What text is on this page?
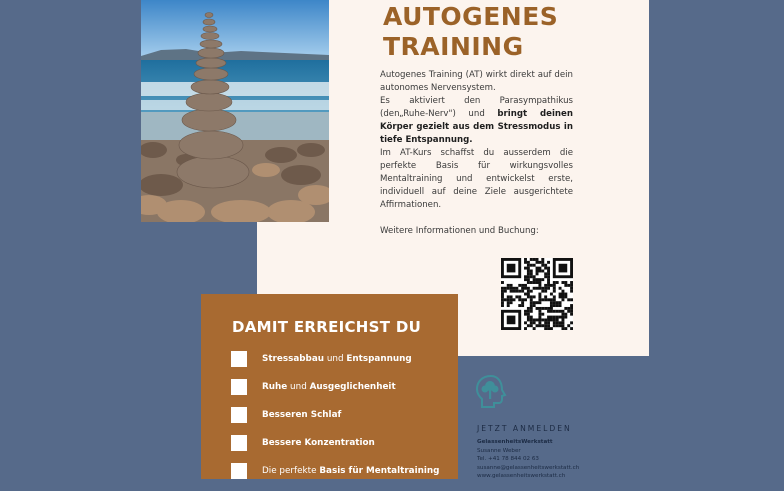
AUTOGENES
TRAINING

Autogenes Training (AT) wirkt direkt auf dein autonomes Nervensystem.

Es aktiviert den Parasympathikus (den„Ruhe-Nerv") und bringt deinen Körper gezielt aus dem Stressmodus in tiefe Entspannung.

Im AT-Kurs schaffst du ausserdem die perfekte Basis für wirkungsvolles Mentaltraining und entwickelst erste, individuell auf deine Ziele ausgerichtete Affirmationen.

Weitere Informationen und Buchung:
DAMIT ERREICHST DU
Stressabbau und Entspannung
Ruhe und Ausgeglichenheit
Besseren Schlaf
Bessere Konzentration
Die perfekte Basis für Mentaltraining
JETZT ANMELDEN
GelassenheitsWerkstatt
Susanne Weber
Tel. +41 78 844 02 63
susanne@gelassenheitswerkstatt.ch
www.gelassenheitswerkstatt.ch
